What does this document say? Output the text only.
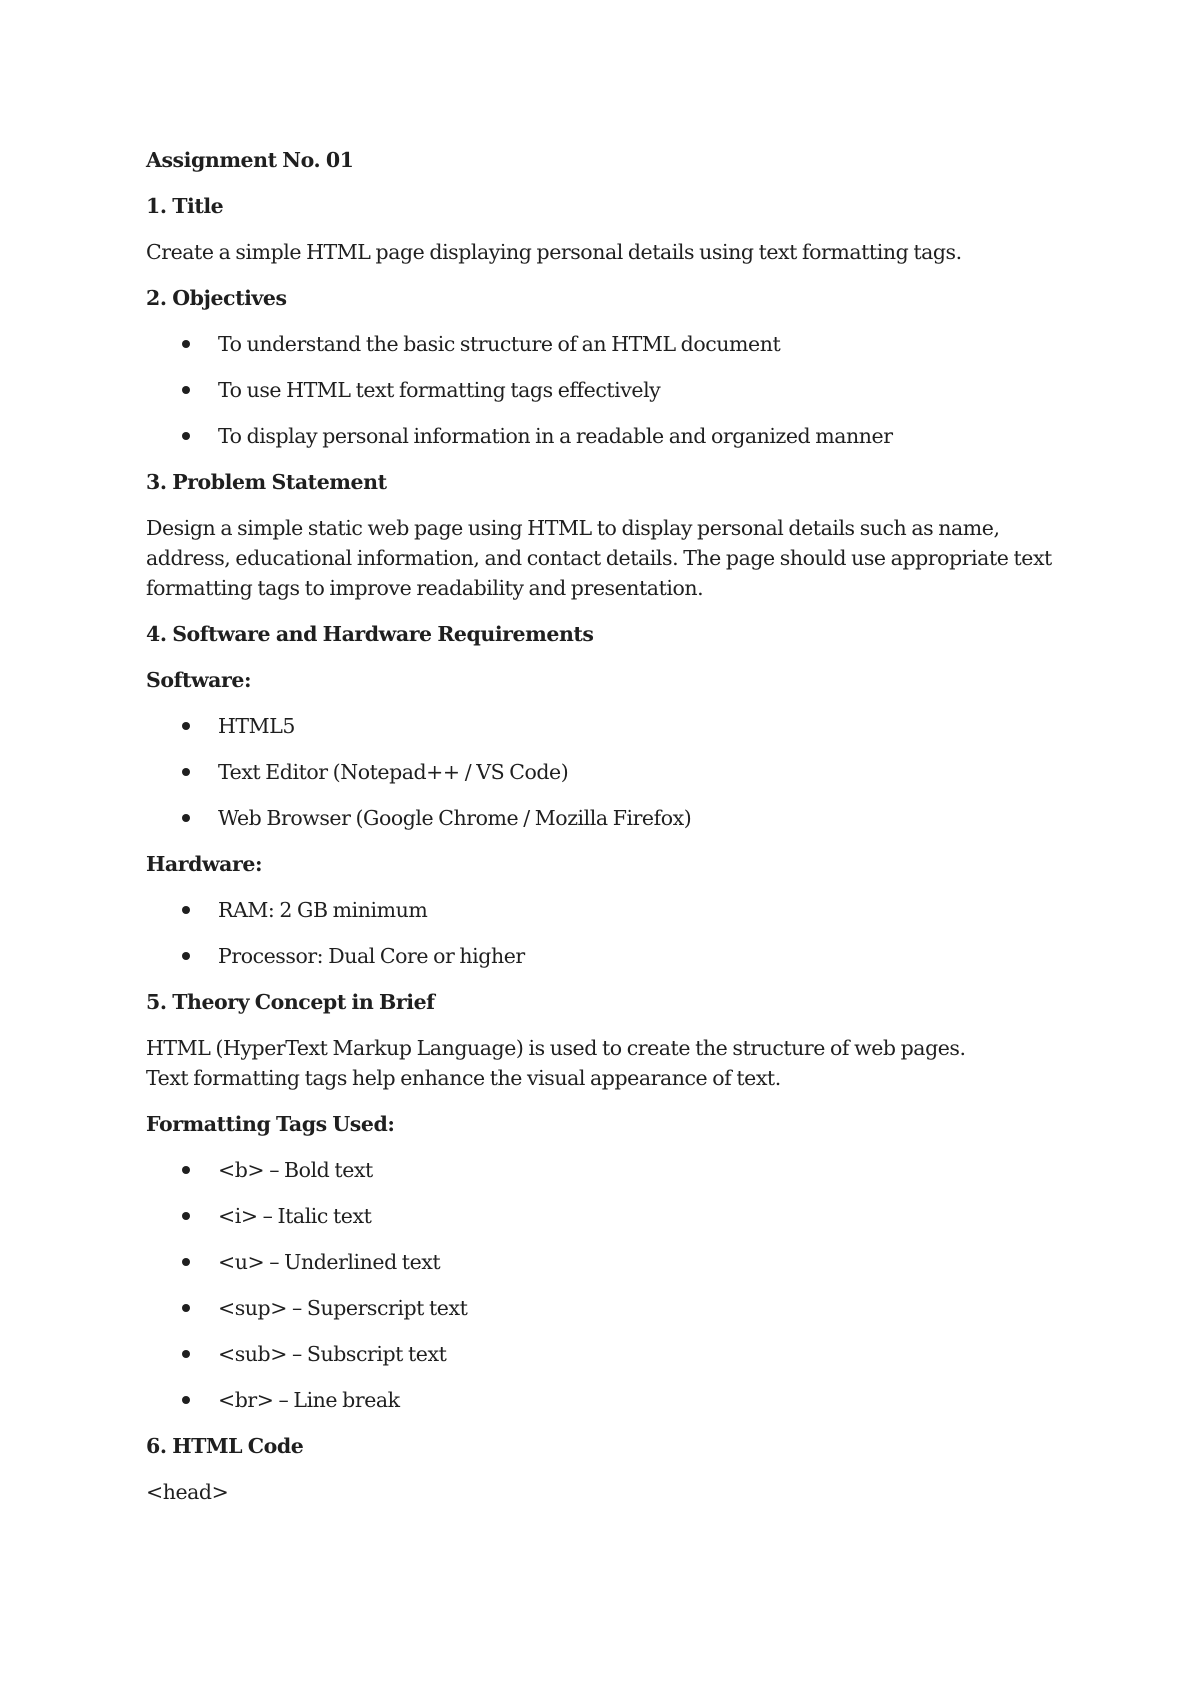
Assignment No. 01
1. Title
Create a simple HTML page displaying personal details using text formatting tags.
2. Objectives
To understand the basic structure of an HTML document
To use HTML text formatting tags effectively
To display personal information in a readable and organized manner
3. Problem Statement
Design a simple static web page using HTML to display personal details such as name,
address, educational information, and contact details. The page should use appropriate text
formatting tags to improve readability and presentation.
4. Software and Hardware Requirements
Software:
HTML5
Text Editor (Notepad++ / VS Code)
Web Browser (Google Chrome / Mozilla Firefox)
Hardware:
RAM: 2 GB minimum
Processor: Dual Core or higher
5. Theory Concept in Brief
HTML (HyperText Markup Language) is used to create the structure of web pages.
Text formatting tags help enhance the visual appearance of text.
Formatting Tags Used:
<b> – Bold text
<i> – Italic text
<u> – Underlined text
<sup> – Superscript text
<sub> – Subscript text
<br> – Line break
6. HTML Code
<head>
